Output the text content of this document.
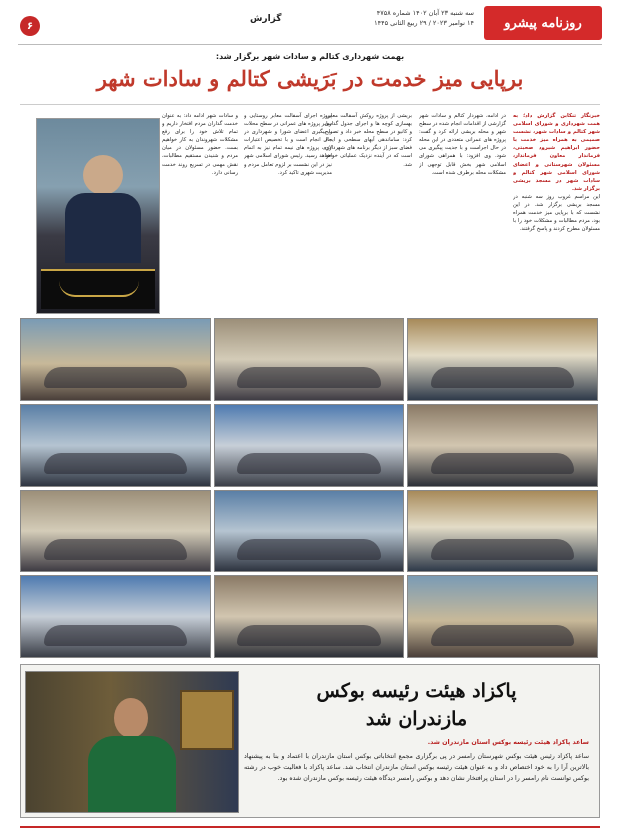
روزنامه پیشرو
سه شنبه ۲۳ آبان ۱۴۰۲ شماره ۴۷۵۸
۱۴ نوامبر ۲۰۲۳ / ۲۹ ربیع الثانی ۱۴۴۵
گزارش
۶
بهمت شهرداری کتالم و سادات شهر برگزار شد:
برپایی میز خدمت در بَرَیشی کتالم و سادات شهر

خبرنگار تنکابن گزارش داد؛ به همت شهرداری و شورای اسلامی شهر کتالم و سادات شهر، نشست صمیمی به همراه میز خدمت با حضور ابراهیم شیرود صحبتی، فرماندار معاون فرماندار، مسئولان شهرستانی و اعضای شورای اسلامی شهر کتالم و سادات شهر در مسجد بریشی برگزار شد.

این مراسم غروب روز سه شنبه در مسجد بریشی برگزار شد. در این نشست که با برپایی میز خدمت همراه بود، مردم مطالبات و مشکلات خود را با مسئولان مطرح کردند و پاسخ گرفتند.

در ادامه، شهردار کتالم و سادات شهر گزارشی از اقدامات انجام شده در سطح شهر و محله بریشی ارائه کرد و گفت: پروژه های عمرانی متعددی در این محله در حال اجراست و با جدیت پیگیری می شود. وی افزود: با همراهی شورای اسلامی شهر بخش قابل توجهی از مشکلات محله برطرف شده است.

بریشی از پروژه روکش آسفالت معابر، بهسازی کوچه ها و اجرای جدول گذاری و کانیو در سطح محله خبر داد و تصریح کرد: ساماندهی آبهای سطحی و ایجاد فضای سبز از دیگر برنامه های شهرداری است که در آینده نزدیک عملیاتی خواهد شد.

و سادات شهر ادامه داد: به عنوان خدمت گذاران مردم افتخار داریم و تمام تلاش خود را برای رفع مشکلات شهروندان به کار خواهیم بست. حضور مسئولان در میان مردم و شنیدن مستقیم مطالبات، نقش مهمی در تسریع روند خدمت رسانی دارد.

پروژه اجرای آسفالت معابر روستایی و سایر پروژه های عمرانی در سطح محلات با پیگیری اعضای شورا و شهرداری در حال انجام است و با تخصیص اعتبارات لازم، پروژه های نیمه تمام نیز به اتمام خواهد رسید. رئیس شورای اسلامی شهر نیز در این نشست بر لزوم تعامل مردم و مدیریت شهری تاکید کرد.

پاکزاد هیئت رئیسه بوکس
مازندران شد
ساعد پاکزاد هیئت رئیسه بوکس استان مازندران شد.
ساعد پاکزاد رئیس هیئت بوکس شهرستان رامسر در پی برگزاری مجمع انتخاباتی بوکس استان مازندران با اعتماد و بنا به پیشنهاد بالاترین آرا را به خود اختصاص داد و به عنوان هیئت رئیسه بوکس استان مازندران انتخاب شد. ساعد پاکزاد با فعالیت خوب در رشته بوکس توانست نام رامسر را در استان پرافتخار نشان دهد و بوکس رامسر دیدگاه هیئت رئیسه بوکس مازندران شده بود.
